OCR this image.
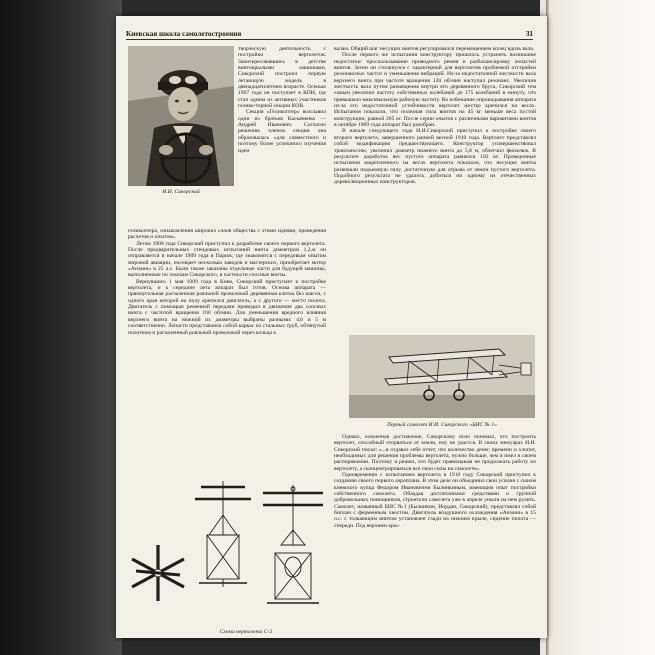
Киевская школа самолетостроения	31
И.И. Сикорский

творческую деятельность с постройки вертолетов. Заинтересовавшись в детстве винтокрылыми машинами, Сикорский построил первую летающую модель в двенадцатилетнем возрасте. Осенью 1907 года он поступает в КПИ, где стал одним из активных участников гелико-терной секции КОВ.

Секция «Геликоптер» возглавил один из братьев Касьяненко — Андрей Иванович. Согласно решению членов секции она образовалась «для совместного и поэтому более успешного изучения идеи

геликоптера, ознакомления широких слоев общества с этими идеями, проведения расчетов и опытов».

Летом 1908 года Сикорский приступил к разработке своего первого вертолета. После предварительных стендовых испытаний винта диаметром 1,2,м он отправляется в начале 1909 года в Париж, где знакомится с передовым опытом мировой авиации, посещает несколько заводов и мастерских, приобретает мотор «Анзани» в 25 л.с. Были также заказаны отдельные части для будущей машины, выполненные по эскизам Сикорского, в частности соосные винты.

Вернувшись 1 мая 1909 года в Киев, Сикорский приступает к постройке вертолета, и к середине лета аппарат был готов. Основа аппарата — прямоугольная расчаленная рояльной проволокой деревянная клетка без шасси, с одного края которой на полу крепился двигатель, а с другого — место пилота. Двигатель с помощью ременной передачи приводил в движение два соосных винта с частотой вращения 160 об/мин. Для уменьшения вредного влияния верхнего винта на нижний их диаметры выбраны разными: 4,6 и 5 м соответственно. Лопасти представляли собой каркас из стальных труб, обтянутый полотном и расчаленный рояльной проволокой через кольца к

Схема вертолета С-2

валам. Общий шаг несущих винтов регулировался перемещением колец вдоль вала.

После первого же испытания конструктору пришлось устранить возникшие недостатки: проскальзывание приводного ремня и разбалансировку лопастей винтов. Затем он столкнулся с характерной для вертолетов проблемой отстройки резонансных частот и уменьшения вибраций. Из-за недостаточной жесткости вала верхнего винта при частоте вращения 120 об/мин наступал резонанс. Увеличив жесткость вала путем размещения внутри его деревянного бруса, Сикорский тем самым увеличил частоту собственных колебаний до 175 колебаний в минуту, что превышало максимальную рабочую частоту. Во избежание опрокидывания аппарата из-за его недостаточной устойчивости вертолет жестко крепился на весах. Испытания показали, что полезная сила винтов на 45 кг меньше веса пустой конструкции, равной 205 кг. После серии опытов с различными вариантами винтов в октябре 1909 года аппарат был разобран.

В начале следующего года И.И.Сикорский приступил к постройке своего второго вертолета, завершенного ранней весной 1910 года. Вертолет представлял собой модификацию предшествующего. Конструктор усовершенствовал трансмиссию, увеличил диаметр нижнего винта до 5,8 м, облегчил фюзеляж. В результате доработок вес пустого аппарата равнялся 182 кг. Проведенные испытания закрепленного на весах вертолета показали, что несущие винты развивали подъемную силу, достаточную для отрыва от земли пустого вертолета. Подобного результата не удалось добиться ни одному из отечественных дореволюционных конструкторов.

Первый самолет И.И. Сикорского «БИС № 1»

Однако, освоенная достижение, Сикорскому ясно понимал, что построить вертолет, способный оторваться от земли, ему не удастся. В своих мемуарах И.И. Сикорский писал: «...я отдавал себе отчет, что количество денег, времени и хлопот, необходимых для решения проблемы вертолета, нужно больше, чем я имел в своем распоряжении. Поэтому я решил, что будет правильным не продолжать работу по вертолету, а сконцентрироваться все свои силы на самолете».

Одновременно с испытанием вертолета в 1910 году Сикорский приступил к созданию своего первого аэроплана. В этом деле он объединил свои усилия с сыном киевского купца Федором Ивановичем Былинкиным, имеющим опыт постройки собственного самолета. Обладая достаточными средствами и группой добровольных помощников, строители самолета уже в апреле уныли на нем рулить. Самолет, названный БИС №1 (Былинкин, Иордан, Сикорский), представлял собой биплан с ферменным хвостом. Двигатель воздушного охлаждения «Анзани» в 15 л.с. с толкающим винтом установлен сзади на нижнем крыле, сидение пилота — спереди. Под верхним кры-
